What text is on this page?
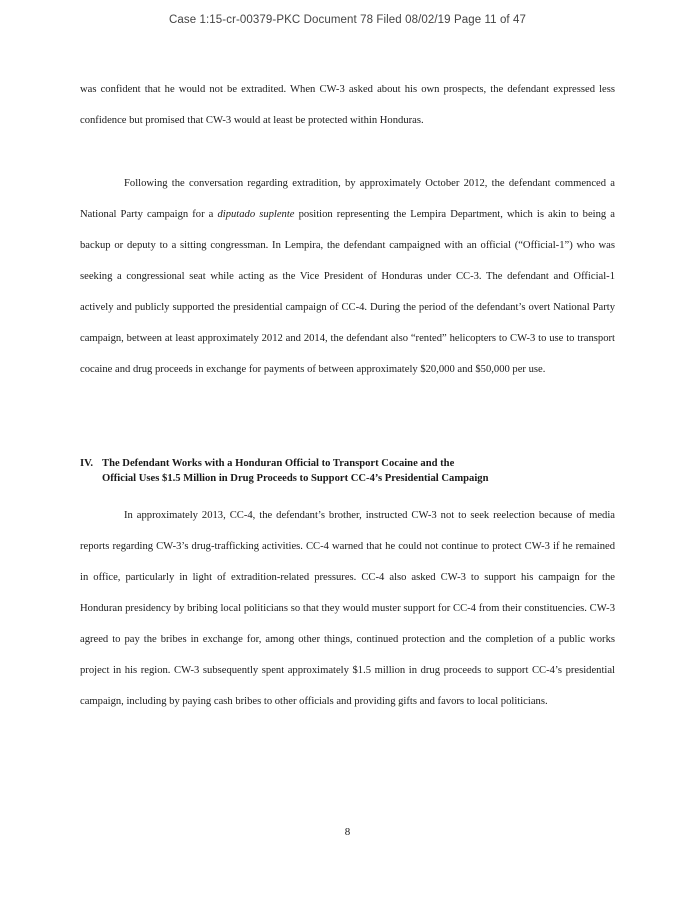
Case 1:15-cr-00379-PKC Document 78 Filed 08/02/19 Page 11 of 47

was confident that he would not be extradited. When CW-3 asked about his own prospects, the defendant expressed less confidence but promised that CW-3 would at least be protected within Honduras.

Following the conversation regarding extradition, by approximately October 2012, the defendant commenced a National Party campaign for a diputado suplente position representing the Lempira Department, which is akin to being a backup or deputy to a sitting congressman. In Lempira, the defendant campaigned with an official (“Official-1”) who was seeking a congressional seat while acting as the Vice President of Honduras under CC-3. The defendant and Official-1 actively and publicly supported the presidential campaign of CC-4. During the period of the defendant’s overt National Party campaign, between at least approximately 2012 and 2014, the defendant also “rented” helicopters to CW-3 to use to transport cocaine and drug proceeds in exchange for payments of between approximately $20,000 and $50,000 per use.

IV. The Defendant Works with a Honduran Official to Transport Cocaine and the
Official Uses $1.5 Million in Drug Proceeds to Support CC-4’s Presidential Campaign

In approximately 2013, CC-4, the defendant’s brother, instructed CW-3 not to seek reelection because of media reports regarding CW-3’s drug-trafficking activities. CC-4 warned that he could not continue to protect CW-3 if he remained in office, particularly in light of extradition-related pressures. CC-4 also asked CW-3 to support his campaign for the Honduran presidency by bribing local politicians so that they would muster support for CC-4 from their constituencies. CW-3 agreed to pay the bribes in exchange for, among other things, continued protection and the completion of a public works project in his region. CW-3 subsequently spent approximately $1.5 million in drug proceeds to support CC-4’s presidential campaign, including by paying cash bribes to other officials and providing gifts and favors to local politicians.

8
